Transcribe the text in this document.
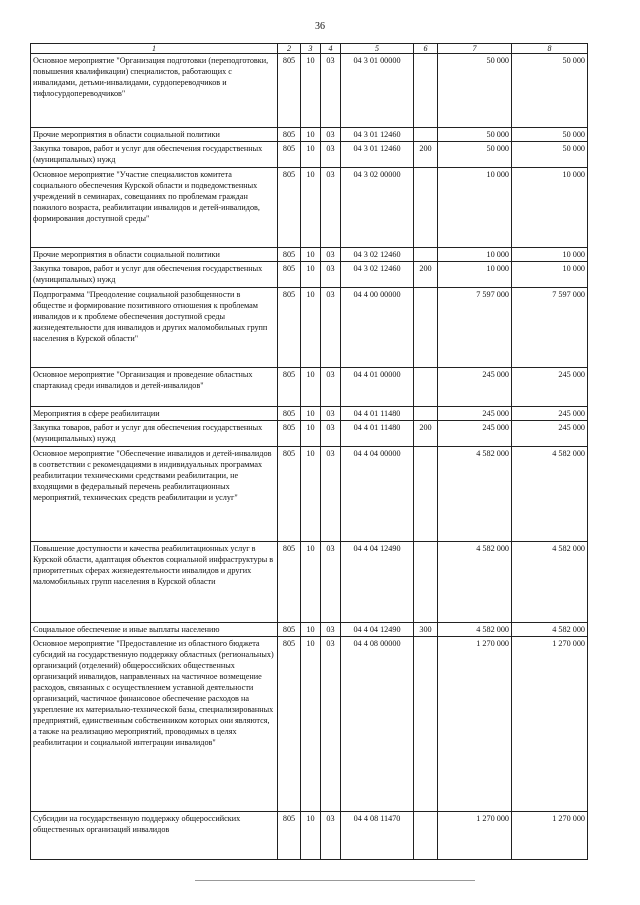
36
1	2	3	4	5	6	7	8
Основное мероприятие "Организация подготовки (переподготовки, повышения квалификации) специалистов, работающих с инвалидами, детьми-инвалидами, сурдопереводчиков и тифлосурдопереводчиков"	805	10	03	04 3 01 00000		50 000	50 000
Прочие мероприятия в области социальной политики	805	10	03	04 3 01 12460		50 000	50 000
Закупка товаров, работ и услуг для обеспечения государственных (муниципальных) нужд	805	10	03	04 3 01 12460	200	50 000	50 000
Основное мероприятие "Участие специалистов комитета социального обеспечения Курской области и подведомственных учреждений в семинарах, совещаниях по проблемам граждан пожилого возраста, реабилитации инвалидов и детей-инвалидов, формирования доступной среды"	805	10	03	04 3 02 00000		10 000	10 000
Прочие мероприятия в области социальной политики	805	10	03	04 3 02 12460		10 000	10 000
Закупка товаров, работ и услуг для обеспечения государственных (муниципальных) нужд	805	10	03	04 3 02 12460	200	10 000	10 000
Подпрограмма "Преодоление социальной разобщенности в обществе и формирование позитивного отношения к проблемам инвалидов и к проблеме обеспечения доступной среды жизнедеятельности для инвалидов и других маломобильных групп населения в Курской области"	805	10	03	04 4 00 00000		7 597 000	7 597 000
Основное мероприятие "Организация и проведение областных спартакиад среди инвалидов и детей-инвалидов"	805	10	03	04 4 01 00000		245 000	245 000
Мероприятия в сфере реабилитации	805	10	03	04 4 01 11480		245 000	245 000
Закупка товаров, работ и услуг для обеспечения государственных (муниципальных) нужд	805	10	03	04 4 01 11480	200	245 000	245 000
Основное мероприятие "Обеспечение инвалидов и детей-инвалидов в соответствии с рекомендациями в индивидуальных программах реабилитации техническими средствами реабилитации, не входящими в федеральный перечень реабилитационных мероприятий, технических средств реабилитации и услуг"	805	10	03	04 4 04 00000		4 582 000	4 582 000
Повышение доступности и качества реабилитационных услуг в Курской области, адаптация объектов социальной инфраструктуры в приоритетных сферах жизнедеятельности инвалидов и других маломобильных групп населения в Курской области	805	10	03	04 4 04 12490		4 582 000	4 582 000
Социальное обеспечение и иные выплаты населению	805	10	03	04 4 04 12490	300	4 582 000	4 582 000
Основное мероприятие "Предоставление из областного бюджета субсидий на государственную поддержку областных (региональных) организаций (отделений) общероссийских общественных организаций инвалидов, направленных на частичное возмещение расходов, связанных с осуществлением уставной деятельности организаций, частичное финансовое обеспечение расходов на укрепление их материально-технической базы, специализированных предприятий, единственным собственником которых они являются, а также на реализацию мероприятий, проводимых в целях реабилитации и социальной интеграции инвалидов"	805	10	03	04 4 08 00000		1 270 000	1 270 000
Субсидии на государственную поддержку общероссийских общественных организаций инвалидов	805	10	03	04 4 08 11470		1 270 000	1 270 000
